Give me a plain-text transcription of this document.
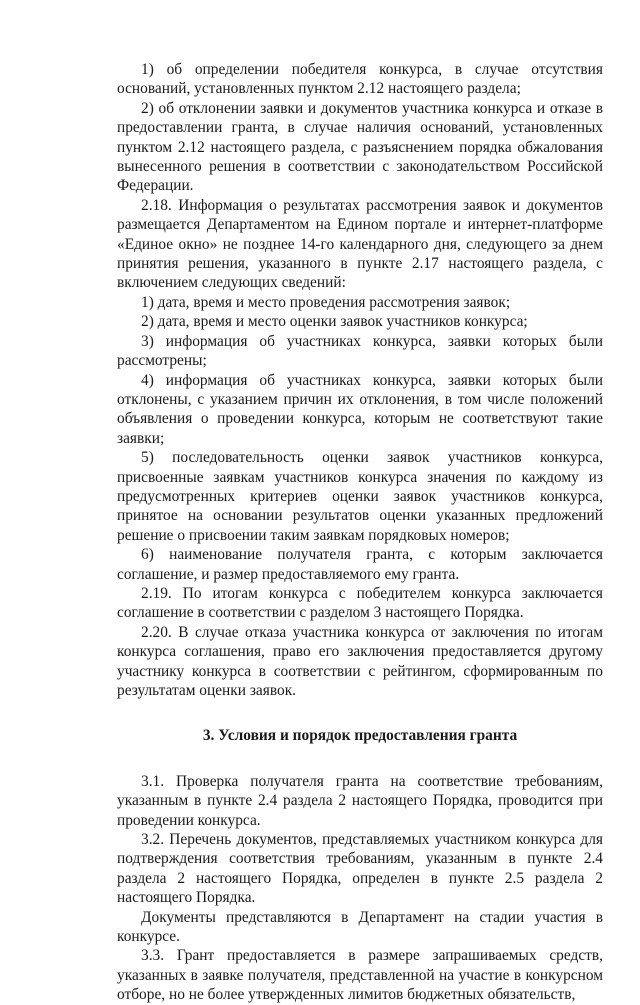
1) об определении победителя конкурса, в случае отсутствия оснований, установленных пунктом 2.12 настоящего раздела;

2) об отклонении заявки и документов участника конкурса и отказе в предоставлении гранта, в случае наличия оснований, установленных пунктом 2.12 настоящего раздела, с разъяснением порядка обжалования вынесенного решения в соответствии с законодательством Российской Федерации.

2.18. Информация о результатах рассмотрения заявок и документов размещается Департаментом на Едином портале и интернет-платформе «Единое окно» не позднее 14-го календарного дня, следующего за днем принятия решения, указанного в пункте 2.17 настоящего раздела, с включением следующих сведений:

1) дата, время и место проведения рассмотрения заявок;

2) дата, время и место оценки заявок участников конкурса;

3) информация об участниках конкурса, заявки которых были рассмотрены;

4) информация об участниках конкурса, заявки которых были отклонены, с указанием причин их отклонения, в том числе положений объявления о проведении конкурса, которым не соответствуют такие заявки;

5) последовательность оценки заявок участников конкурса, присвоенные заявкам участников конкурса значения по каждому из предусмотренных критериев оценки заявок участников конкурса, принятое на основании результатов оценки указанных предложений решение о присвоении таким заявкам порядковых номеров;

6) наименование получателя гранта, с которым заключается соглашение, и размер предоставляемого ему гранта.

2.19. По итогам конкурса с победителем конкурса заключается соглашение в соответствии с разделом 3 настоящего Порядка.

2.20. В случае отказа участника конкурса от заключения по итогам конкурса соглашения, право его заключения предоставляется другому участнику конкурса в соответствии с рейтингом, сформированным по результатам оценки заявок.

3. Условия и порядок предоставления гранта

3.1. Проверка получателя гранта на соответствие требованиям, указанным в пункте 2.4 раздела 2 настоящего Порядка, проводится при проведении конкурса.

3.2. Перечень документов, представляемых участником конкурса для подтверждения соответствия требованиям, указанным в пункте 2.4 раздела 2 настоящего Порядка, определен в пункте 2.5 раздела 2 настоящего Порядка.

Документы представляются в Департамент на стадии участия в конкурсе.

3.3. Грант предоставляется в размере запрашиваемых средств, указанных в заявке получателя, представленной на участие в конкурсном отборе, но не более утвержденных лимитов бюджетных обязательств,
